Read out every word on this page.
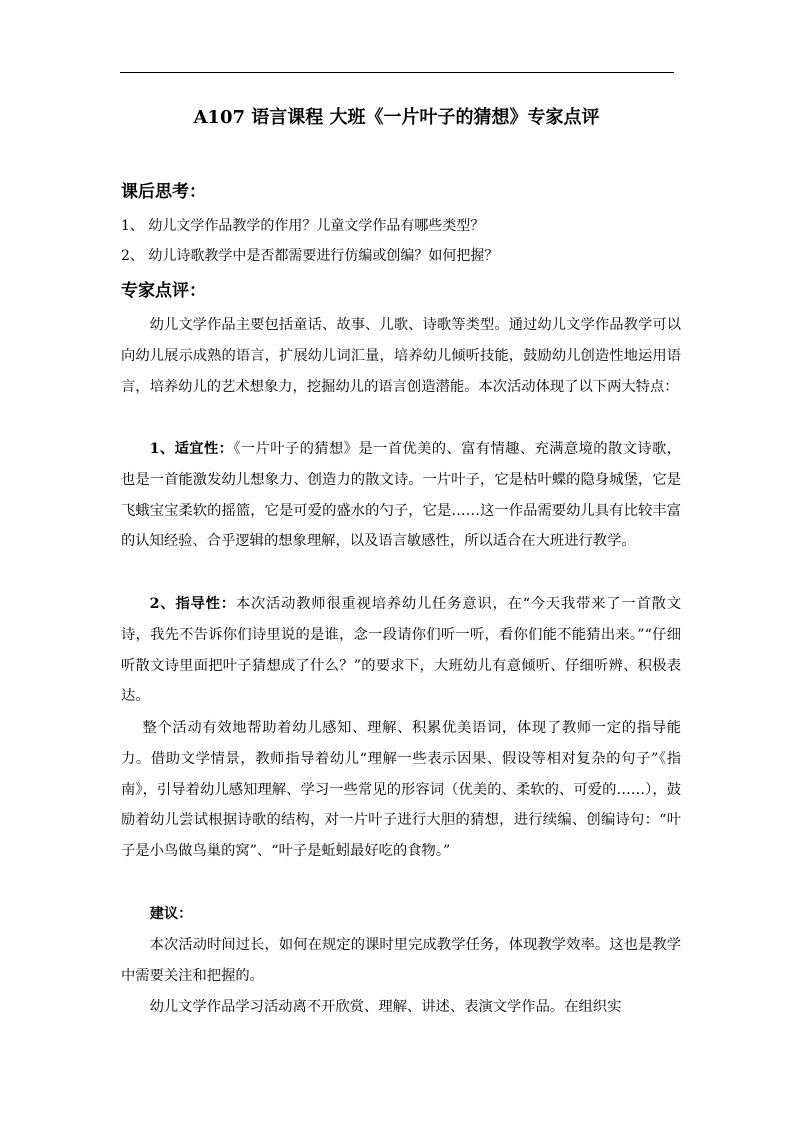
A107 语言课程 大班《一片叶子的猜想》专家点评
课后思考：
1、 幼儿文学作品教学的作用？儿童文学作品有哪些类型？
2、 幼儿诗歌教学中是否都需要进行仿编或创编？如何把握？
专家点评：

幼儿文学作品主要包括童话、故事、儿歌、诗歌等类型。通过幼儿文学作品教学可以向幼儿展示成熟的语言，扩展幼儿词汇量，培养幼儿倾听技能，鼓励幼儿创造性地运用语言，培养幼儿的艺术想象力，挖掘幼儿的语言创造潜能。本次活动体现了以下两大特点：

1、适宜性：《一片叶子的猜想》是一首优美的、富有情趣、充满意境的散文诗歌，也是一首能激发幼儿想象力、创造力的散文诗。一片叶子，它是枯叶蝶的隐身城堡，它是飞蛾宝宝柔软的摇篮，它是可爱的盛水的勺子，它是……这一作品需要幼儿具有比较丰富的认知经验、合乎逻辑的想象理解，以及语言敏感性，所以适合在大班进行教学。

2、指导性：本次活动教师很重视培养幼儿任务意识，在“今天我带来了一首散文诗，我先不告诉你们诗里说的是谁，念一段请你们听一听，看你们能不能猜出来。”“仔细听散文诗里面把叶子猜想成了什么？”的要求下，大班幼儿有意倾听、仔细听辨、积极表达。

整个活动有效地帮助着幼儿感知、理解、积累优美语词，体现了教师一定的指导能力。借助文学情景，教师指导着幼儿“理解一些表示因果、假设等相对复杂的句子”《指南》，引导着幼儿感知理解、学习一些常见的形容词（优美的、柔软的、可爱的……），鼓励着幼儿尝试根据诗歌的结构，对一片叶子进行大胆的猜想，进行续编、创编诗句：“叶子是小鸟做鸟巢的窝”、“叶子是蚯蚓最好吃的食物。”

建议：

本次活动时间过长，如何在规定的课时里完成教学任务，体现教学效率。这也是教学中需要关注和把握的。

幼儿文学作品学习活动离不开欣赏、理解、讲述、表演文学作品。在组织实
